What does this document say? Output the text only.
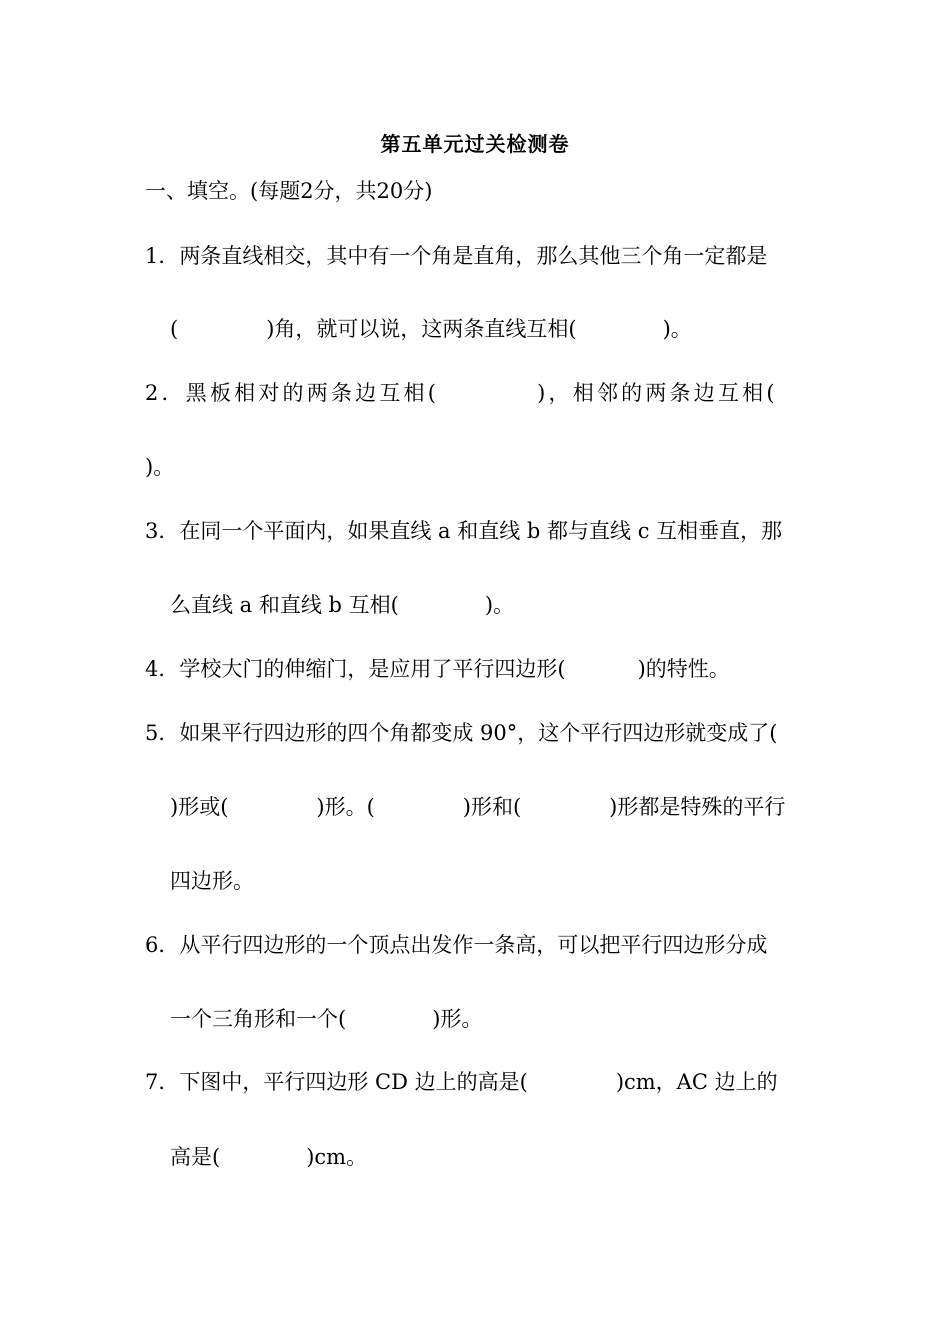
第五单元过关检测卷
一、填空。(每题2分，共20分)
1．两条直线相交，其中有一个角是直角，那么其他三个角一定都是
(	)角，就可以说，这两条直线互相(	)。
2．黑板相对的两条边互相(	)，相邻的两条边互相(
)。
3．在同一个平面内，如果直线 a 和直线 b 都与直线 c 互相垂直，那
么直线 a 和直线 b 互相(	)。
4．学校大门的伸缩门，是应用了平行四边形(	)的特性。
5．如果平行四边形的四个角都变成 90°，这个平行四边形就变成了(
)形或(	)形。(	)形和(	)形都是特殊的平行
四边形。
6．从平行四边形的一个顶点出发作一条高，可以把平行四边形分成
一个三角形和一个(	)形。
7．下图中，平行四边形 CD 边上的高是(	)cm，AC 边上的
高是(	)cm。
